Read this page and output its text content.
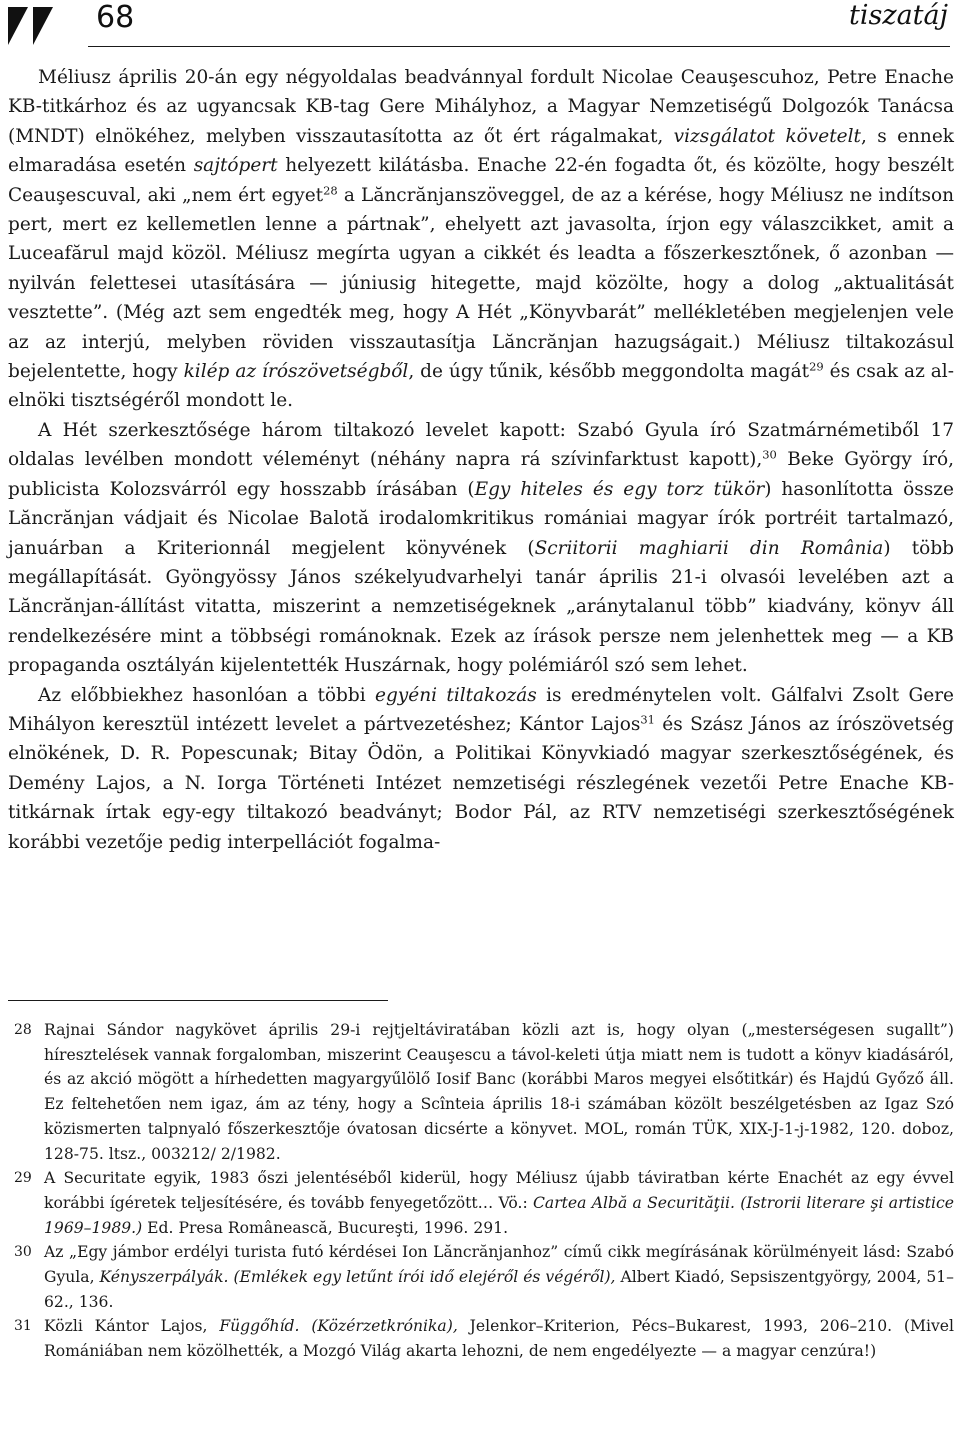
68	tiszatáj

Méliusz április 20-án egy négyoldalas beadvánnyal fordult Nicolae Ceauşescuhoz, Petre Enache KB-titkárhoz és az ugyancsak KB-tag Gere Mihályhoz, a Magyar Nemzetiségű Dolgozók Tanácsa (MNDT) elnökéhez, melyben visszautasította az őt ért rágalmakat, vizsgálatot követelt, s ennek elmaradása esetén sajtópert helyezett kilátásba. Enache 22-én fogadta őt, és közölte, hogy beszélt Ceauşescuval, aki „nem ért egyet$^{28}$ a Lăncrănjanszöveggel, de az a kérése, hogy Méliusz ne indítson pert, mert ez kellemetlen lenne a pártnak”, ehelyett azt javasolta, írjon egy válaszcikket, amit a Luceafărul majd közöl. Méliusz megírta ugyan a cikkét és leadta a főszerkesztőnek, ő azonban — nyilván felettesei utasítására — júniusig hitegette, majd közölte, hogy a dolog „aktualitását vesztette”. (Még azt sem engedték meg, hogy A Hét „Könyvbarát” mellékletében megjelenjen vele az az interjú, melyben röviden visszautasítja Lăncrănjan hazugságait.) Méliusz tiltakozásul bejelentette, hogy kilép az írószövetségből, de úgy tűnik, később meggondolta magát$^{29}$ és csak az alelnöki tisztségéről mondott le.

A Hét szerkesztősége három tiltakozó levelet kapott: Szabó Gyula író Szatmárnémetiből 17 oldalas levélben mondott véleményt (néhány napra rá szívinfarktust kapott),$^{30}$ Beke György író, publicista Kolozsvárról egy hosszabb írásában (Egy hiteles és egy torz tükör) hasonlította össze Lăncrănjan vádjait és Nicolae Balotă irodalomkritikus romániai magyar írók portréit tartalmazó, januárban a Kriterionnál megjelent könyvének (Scriitorii maghiarii din România) több megállapítását. Gyöngyössy János székelyudvarhelyi tanár április 21-i olvasói levelében azt a Lăncrănjan-állítást vitatta, miszerint a nemzetiségeknek „aránytalanul több” kiadvány, könyv áll rendelkezésére mint a többségi románoknak. Ezek az írások persze nem jelenhettek meg — a KB propaganda osztályán kijelentették Huszárnak, hogy polémiáról szó sem lehet.

Az előbbiekhez hasonlóan a többi egyéni tiltakozás is eredménytelen volt. Gálfalvi Zsolt Gere Mihályon keresztül intézett levelet a pártvezetéshez; Kántor Lajos$^{31}$ és Szász János az írószövetség elnökének, D. R. Popescunak; Bitay Ödön, a Politikai Könyvkiadó magyar szerkesztőségének, és Demény Lajos, a N. Iorga Történeti Intézet nemzetiségi részlegének vezetői Petre Enache KB-titkárnak írtak egy-egy tiltakozó beadványt; Bodor Pál, az RTV nemzetiségi szerkesztőségének korábbi vezetője pedig interpellációt fogalma-

28 Rajnai Sándor nagykövet április 29-i rejtjeltáviratában közli azt is, hogy olyan („mesterségesen sugallt”) híresztelések vannak forgalomban, miszerint Ceauşescu a távol-keleti útja miatt nem is tudott a könyv kiadásáról, és az akció mögött a hírhedetten magyargyűlölő Iosif Banc (korábbi Maros megyei elsőtitkár) és Hajdú Győző áll. Ez feltehetően nem igaz, ám az tény, hogy a Scînteia április 18-i számában közölt beszélgetésben az Igaz Szó közismerten talpnyaló főszerkesztője óvatosan dicsérte a könyvet. MOL, román TÜK, XIX-J-1-j-1982, 120. doboz, 128-75. ltsz., 003212/ 2/1982.
29 A Securitate egyik, 1983 őszi jelentéséből kiderül, hogy Méliusz újabb táviratban kérte Enachét az egy évvel korábbi ígéretek teljesítésére, és tovább fenyegetőzött… Vö.: Cartea Albă a Securităţii. (Istrorii literare şi artistice 1969–1989.) Ed. Presa Românească, Bucureşti, 1996. 291.
30 Az „Egy jámbor erdélyi turista futó kérdései Ion Lăncrănjanhoz” című cikk megírásának körülményeit lásd: Szabó Gyula, Kényszerpályák. (Emlékek egy letűnt írói idő elejéről és végéről), Albert Kiadó, Sepsiszentgyörgy, 2004, 51–62., 136.
31 Közli Kántor Lajos, Függőhíd. (Közérzetkrónika), Jelenkor–Kriterion, Pécs–Bukarest, 1993, 206–210. (Mivel Romániában nem közölhették, a Mozgó Világ akarta lehozni, de nem engedélyezte — a magyar cenzúra!)
